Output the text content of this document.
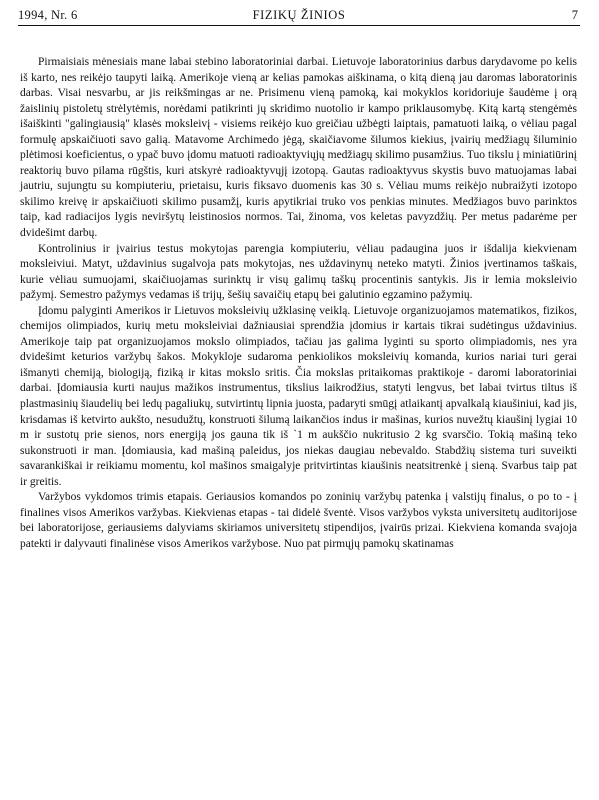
1994, Nr. 6	FIZIKŲ ŽINIOS	7

Pirmaisiais mėnesiais mane labai stebino laboratoriniai darbai. Lietuvoje laboratorinius darbus darydavome po kelis iš karto, nes reikėjo taupyti laiką. Amerikoje vieną ar kelias pamokas aiškinama, o kitą dieną jau daromas laboratorinis darbas. Visai nesvarbu, ar jis reikšmingas ar ne. Prisimenu vieną pamoką, kai mokyklos koridoriuje šaudėme į orą žaislinių pistoletų strėlytėmis, norėdami patikrinti jų skridimo nuotolio ir kampo priklausomybę. Kitą kartą stengėmės išaiškinti "galingiausią" klasės moksleivį - visiems reikėjo kuo greičiau užbėgti laiptais, pamatuoti laiką, o vėliau pagal formulę apskaičiuoti savo galią. Matavome Archimedo jėgą, skaičiavome šilumos kiekius, įvairių medžiagų šiluminio plėtimosi koeficientus, o ypač buvo įdomu matuoti radioaktyviųjų medžiagų skilimo pusamžius. Tuo tikslu į miniatiūrinį reaktorių buvo pilama rūgštis, kuri atskyrė radioaktyvųjį izotopą. Gautas radioaktyvus skystis buvo matuojamas labai jautriu, sujungtu su kompiuteriu, prietaisu, kuris fiksavo duomenis kas 30 s. Vėliau mums reikėjo nubraižyti izotopo skilimo kreivę ir apskaičiuoti skilimo pusamžį, kuris apytikriai truko vos penkias minutes. Medžiagos buvo parinktos taip, kad radiacijos lygis neviršytų leistinosios normos. Tai, žinoma, vos keletas pavyzdžių. Per metus padarėme per dvidešimt darbų.

Kontrolinius ir įvairius testus mokytojas parengia kompiuteriu, vėliau padaugina juos ir išdalija kiekvienam moksleiviui. Matyt, uždavinius sugalvoja pats mokytojas, nes uždavinynų neteko matyti. Žinios įvertinamos taškais, kurie vėliau sumuojami, skaičiuojamas surinktų ir visų galimų taškų procentinis santykis. Jis ir lemia moksleivio pažymį. Semestro pažymys vedamas iš trijų, šešių savaičių etapų bei galutinio egzamino pažymių.

Įdomu palyginti Amerikos ir Lietuvos moksleivių užklasinę veiklą. Lietuvoje organizuojamos matematikos, fizikos, chemijos olimpiados, kurių metu moksleiviai dažniausiai sprendžia įdomius ir kartais tikrai sudėtingus uždavinius. Amerikoje taip pat organizuojamos mokslo olimpiados, tačiau jas galima lyginti su sporto olimpiadomis, nes yra dvidešimt keturios varžybų šakos. Mokykloje sudaroma penkiolikos moksleivių komanda, kurios nariai turi gerai išmanyti chemiją, biologiją, fiziką ir kitas mokslo sritis. Čia mokslas pritaikomas praktikoje - daromi laboratoriniai darbai. Įdomiausia kurti naujus mažikos instrumentus, tikslius laikrodžius, statyti lengvus, bet labai tvirtus tiltus iš plastmasinių šiaudelių bei ledų pagaliukų, sutvirtintų lipnia juosta, padaryti smūgį atlaikantį apvalkalą kiaušiniui, kad jis, krisdamas iš ketvirto aukšto, nesudužtų, konstruoti šilumą laikančios indus ir mašinas, kurios nuvežtų kiaušinį lygiai 10 m ir sustotų prie sienos, nors energiją jos gauna tik iš `1 m aukščio nukritusio 2 kg svarsčio. Tokią mašiną teko sukonstruoti ir man. Įdomiausia, kad mašiną paleidus, jos niekas daugiau nebevaldo. Stabdžių sistema turi suveikti savarankiškai ir reikiamu momentu, kol mašinos smaigalyje pritvirtintas kiaušinis neatsitrenkė į sieną. Svarbus taip pat ir greitis.

Varžybos vykdomos trimis etapais. Geriausios komandos po zoninių varžybų patenka į valstijų finalus, o po to - į finalines visos Amerikos varžybas. Kiekvienas etapas - tai didelė šventė. Visos varžybos vyksta universitetų auditorijose bei laboratorijose, geriausiems dalyviams skiriamos universitetų stipendijos, įvairūs prizai. Kiekviena komanda svajoja patekti ir dalyvauti finalinėse visos Amerikos varžybose. Nuo pat pirmųjų pamokų skatinamas
